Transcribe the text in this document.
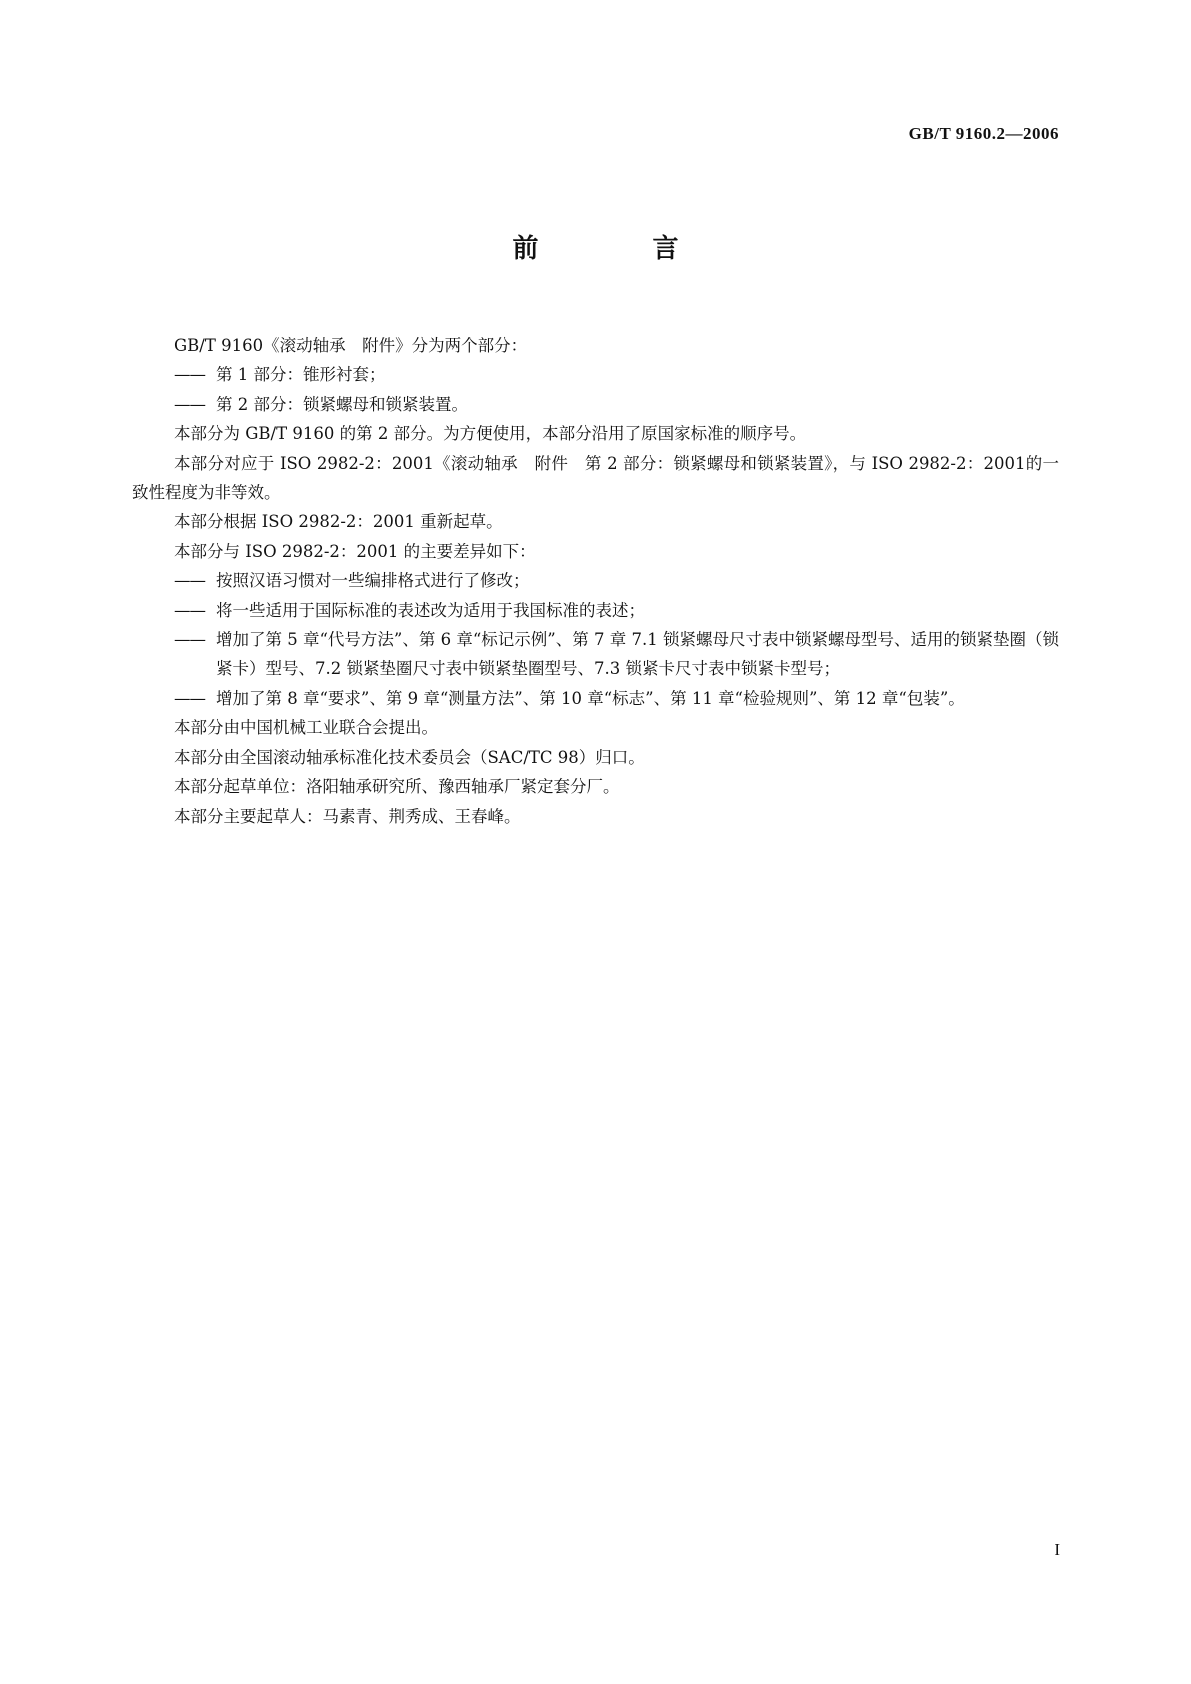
GB/T 9160.2—2006
前　言

GB/T 9160《滚动轴承　附件》分为两个部分：

—— 第 1 部分：锥形衬套；

—— 第 2 部分：锁紧螺母和锁紧装置。

本部分为 GB/T 9160 的第 2 部分。为方便使用，本部分沿用了原国家标准的顺序号。

本部分对应于 ISO 2982-2：2001《滚动轴承　附件　第 2 部分：锁紧螺母和锁紧装置》，与 ISO 2982-2：2001的一致性程度为非等效。

本部分根据 ISO 2982-2：2001 重新起草。

本部分与 ISO 2982-2：2001 的主要差异如下：

—— 按照汉语习惯对一些编排格式进行了修改；

—— 将一些适用于国际标准的表述改为适用于我国标准的表述；

—— 增加了第 5 章“代号方法”、第 6 章“标记示例”、第 7 章 7.1 锁紧螺母尺寸表中锁紧螺母型号、适用的锁紧垫圈（锁紧卡）型号、7.2 锁紧垫圈尺寸表中锁紧垫圈型号、7.3 锁紧卡尺寸表中锁紧卡型号；

—— 增加了第 8 章“要求”、第 9 章“测量方法”、第 10 章“标志”、第 11 章“检验规则”、第 12 章“包装”。

本部分由中国机械工业联合会提出。

本部分由全国滚动轴承标准化技术委员会（SAC/TC 98）归口。

本部分起草单位：洛阳轴承研究所、豫西轴承厂紧定套分厂。

本部分主要起草人：马素青、荆秀成、王春峰。

I
